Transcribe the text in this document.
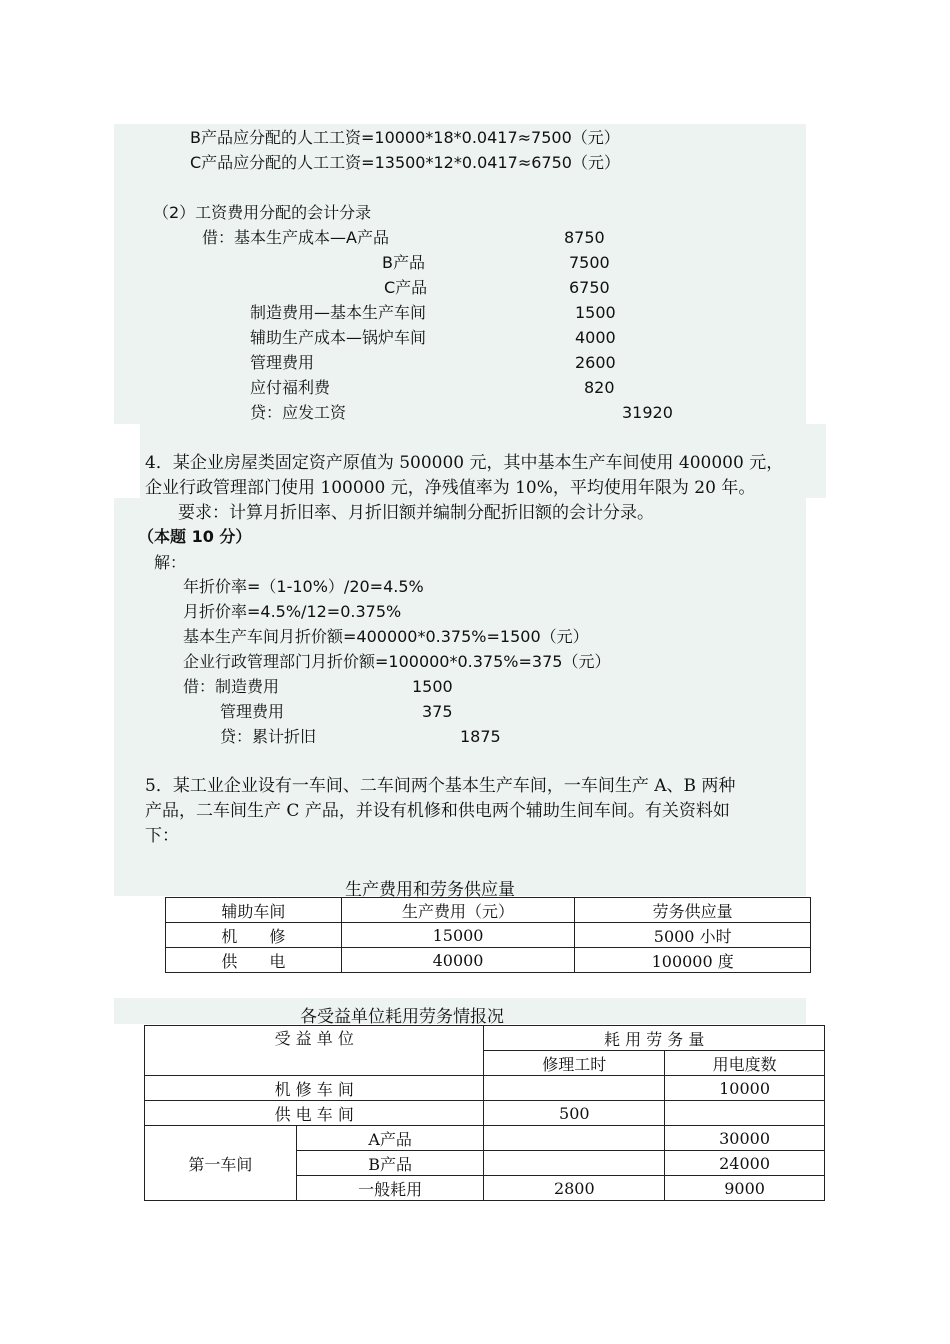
B产品应分配的人工工资=10000*18*0.0417≈7500（元）
C产品应分配的人工工资=13500*12*0.0417≈6750（元）
（2）工资费用分配的会计分录
借：基本生产成本—A产品	8750
B产品	7500
C产品	6750
制造费用—基本生产车间	1500
辅助生产成本—锅炉车间	4000
管理费用	2600
应付福利费	820
贷：应发工资	31920
4．某企业房屋类固定资产原值为 500000 元，其中基本生产车间使用 400000 元，
企业行政管理部门使用 100000 元，净残值率为 10%，平均使用年限为 20 年。
要求：计算月折旧率、月折旧额并编制分配折旧额的会计分录。
（本题 10 分）
解：
年折价率=（1-10%）/20=4.5%
月折价率=4.5%/12=0.375%
基本生产车间月折价额=400000*0.375%=1500（元）
企业行政管理部门月折价额=100000*0.375%=375（元）
借：制造费用	1500
管理费用	375
贷：累计折旧	1875
5．某工业企业设有一车间、二车间两个基本生产车间，一车间生产 A、B 两种
产品，二车间生产 C 产品，并设有机修和供电两个辅助生间车间。有关资料如
下：
生产费用和劳务供应量
辅助车间	生产费用（元）	劳务供应量
机　　修	15000	5000 小时
供　　电	40000	100000 度
各受益单位耗用劳务情报况
受 益 单 位		耗 用 劳 务 量	
		修理工时	用电度数
机 修 车 间			10000
供 电 车 间		500	
第一车间	A产品		30000
	B产品		24000
	一般耗用	2800	9000
